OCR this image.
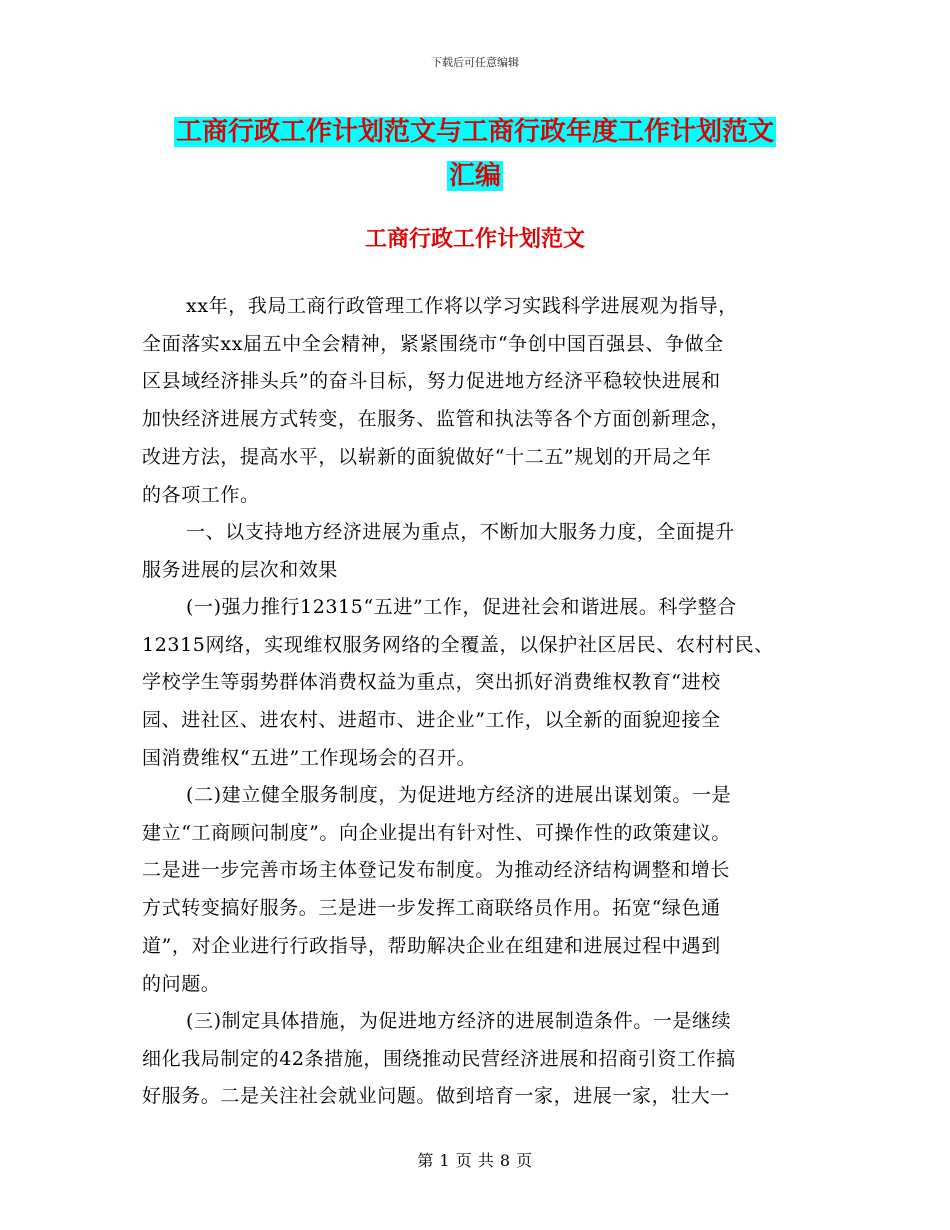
下载后可任意编辑
工商行政工作计划范文与工商行政年度工作计划范文
汇编
工商行政工作计划范文
xx年，我局工商行政管理工作将以学习实践科学进展观为指导，
全面落实xx届五中全会精神，紧紧围绕市“争创中国百强县、争做全
区县域经济排头兵”的奋斗目标，努力促进地方经济平稳较快进展和
加快经济进展方式转变，在服务、监管和执法等各个方面创新理念，
改进方法，提高水平，以崭新的面貌做好“十二五”规划的开局之年
的各项工作。
一、以支持地方经济进展为重点，不断加大服务力度，全面提升
服务进展的层次和效果
(一)强力推行12315“五进”工作，促进社会和谐进展。科学整合
12315网络，实现维权服务网络的全覆盖，以保护社区居民、农村村民、
学校学生等弱势群体消费权益为重点，突出抓好消费维权教育“进校
园、进社区、进农村、进超市、进企业”工作，以全新的面貌迎接全
国消费维权“五进”工作现场会的召开。
(二)建立健全服务制度，为促进地方经济的进展出谋划策。一是
建立“工商顾问制度”。向企业提出有针对性、可操作性的政策建议。
二是进一步完善市场主体登记发布制度。为推动经济结构调整和增长
方式转变搞好服务。三是进一步发挥工商联络员作用。拓宽“绿色通
道”，对企业进行行政指导，帮助解决企业在组建和进展过程中遇到
的问题。
(三)制定具体措施，为促进地方经济的进展制造条件。一是继续
细化我局制定的42条措施，围绕推动民营经济进展和招商引资工作搞
好服务。二是关注社会就业问题。做到培育一家，进展一家，壮大一
第 1 页 共 8 页
